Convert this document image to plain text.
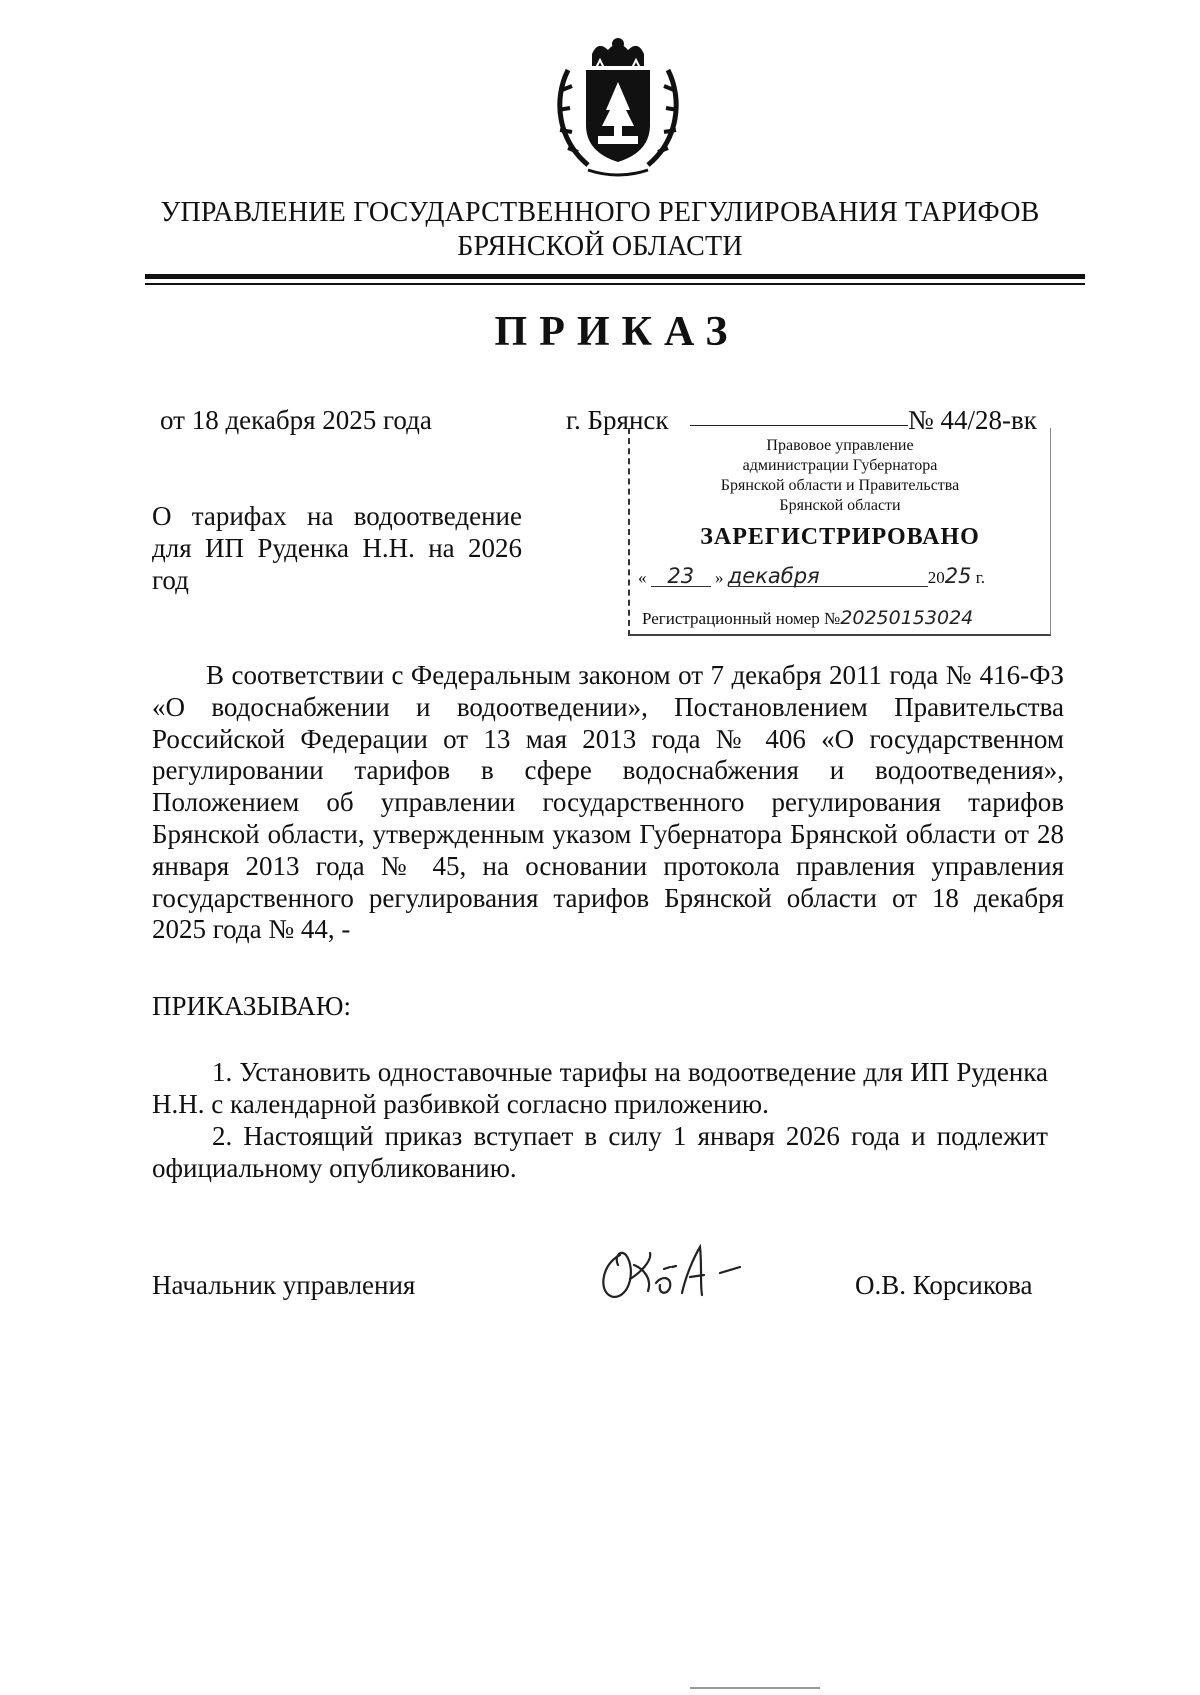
УПРАВЛЕНИЕ ГОСУДАРСТВЕННОГО РЕГУЛИРОВАНИЯ ТАРИФОВ
БРЯНСКОЙ ОБЛАСТИ
ПРИКАЗ
от 18 декабря 2025 года	г. Брянск	№ 44/28-вк
Правовое управление
администрации Губернатора
Брянской области и Правительства
Брянской области
ЗАРЕГИСТРИРОВАНО
« 23 » декабря	2025 г.
Регистрационный номер №20250153024
О тарифах на водоотведение
для ИП Руденка Н.Н. на 2026
год
В соответствии с Федеральным законом от 7 декабря 2011 года № 416-ФЗ «О водоснабжении и водоотведении», Постановлением Правительства Российской Федерации от 13 мая 2013 года № 406 «О государственном регулировании тарифов в сфере водоснабжения и водоотведения», Положением об управлении государственного регулирования тарифов Брянской области, утвержденным указом Губернатора Брянской области от 28 января 2013 года № 45, на основании протокола правления управления государственного регулирования тарифов Брянской области от 18 декабря 2025 года № 44, -
ПРИКАЗЫВАЮ:
1. Установить одноставочные тарифы на водоотведение для ИП Руденка Н.Н. с календарной разбивкой согласно приложению.
2. Настоящий приказ вступает в силу 1 января 2026 года и подлежит официальному опубликованию.
Начальник управления	О.В. Корсикова
